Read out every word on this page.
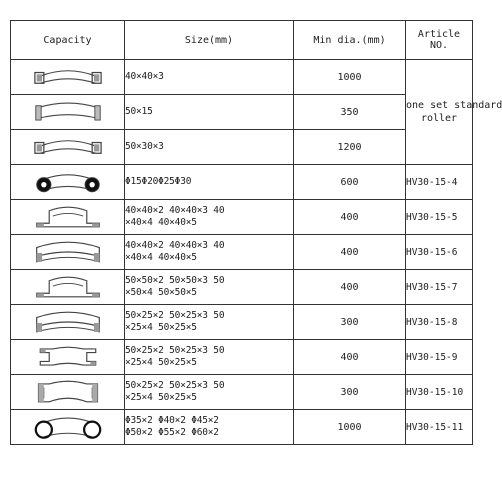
Capacity	Size(mm)	Min dia.(mm)	Article NO.

40×40×3	1000	one set standard
roller

50×15	350	

50×30×3	1200	

Φ15Φ20Φ25Φ30	600	HV30-15-4

40×40×2 40×40×3 40
×40×4 40×40×5	400	HV30-15-5

40×40×2 40×40×3 40
×40×4 40×40×5	400	HV30-15-6

50×50×2 50×50×3 50
×50×4 50×50×5	400	HV30-15-7

50×25×2 50×25×3 50
×25×4 50×25×5	300	HV30-15-8

50×25×2 50×25×3 50
×25×4 50×25×5	400	HV30-15-9

50×25×2 50×25×3 50
×25×4 50×25×5	300	HV30-15-10

Φ35×2 Φ40×2 Φ45×2
Φ50×2 Φ55×2 Φ60×2	1000	HV30-15-11
